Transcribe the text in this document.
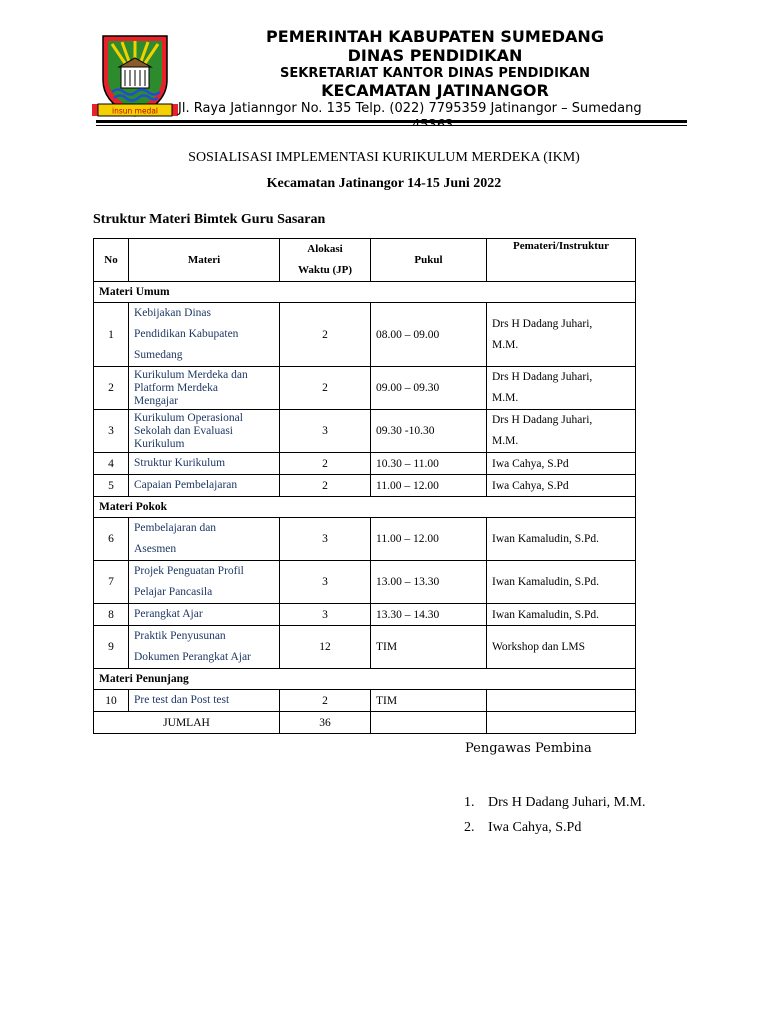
insun medal
PEMERINTAH KABUPATEN SUMEDANG
DINAS PENDIDIKAN
SEKRETARIAT KANTOR DINAS PENDIDIKAN
KECAMATAN JATINANGOR
Jl. Raya Jatianngor No. 135 Telp. (022) 7795359 Jatinangor – Sumedang
SOSIALISASI IMPLEMENTASI KURIKULUM MERDEKA (IKM)
Kecamatan Jatinangor 14-15 Juni 2022
Struktur Materi Bimtek Guru Sasaran
No	Materi	Alokasi
Waktu (JP)	Pukul	Pemateri/Instruktur
Materi Umum				
1	Kebijakan Dinas
Pendidikan Kabupaten
Sumedang	2	08.00 – 09.00	Drs H Dadang Juhari,
M.M.
2	Kurikulum Merdeka dan
Platform Merdeka
Mengajar	2	09.00 – 09.30	Drs H Dadang Juhari,
M.M.
3	Kurikulum Operasional
Sekolah dan Evaluasi
Kurikulum	3	09.30 -10.30	Drs H Dadang Juhari,
M.M.
4	Struktur Kurikulum	2	10.30 – 11.00	Iwa Cahya, S.Pd
5	Capaian Pembelajaran	2	11.00 – 12.00	Iwa Cahya, S.Pd
Materi Pokok				
6	Pembelajaran dan
Asesmen	3	11.00 – 12.00	Iwan Kamaludin, S.Pd.
7	Projek Penguatan Profil
Pelajar Pancasila	3	13.00 – 13.30	Iwan Kamaludin, S.Pd.
8	Perangkat Ajar	3	13.30 – 14.30	Iwan Kamaludin, S.Pd.
9	Praktik Penyusunan
Dokumen Perangkat Ajar	12	TIM	Workshop dan LMS
Materi Penunjang				
10	Pre test dan Post test	2	TIM	
JUMLAH		36		
Pengawas Pembina
1. Drs H Dadang Juhari, M.M.
2. Iwa Cahya, S.Pd
